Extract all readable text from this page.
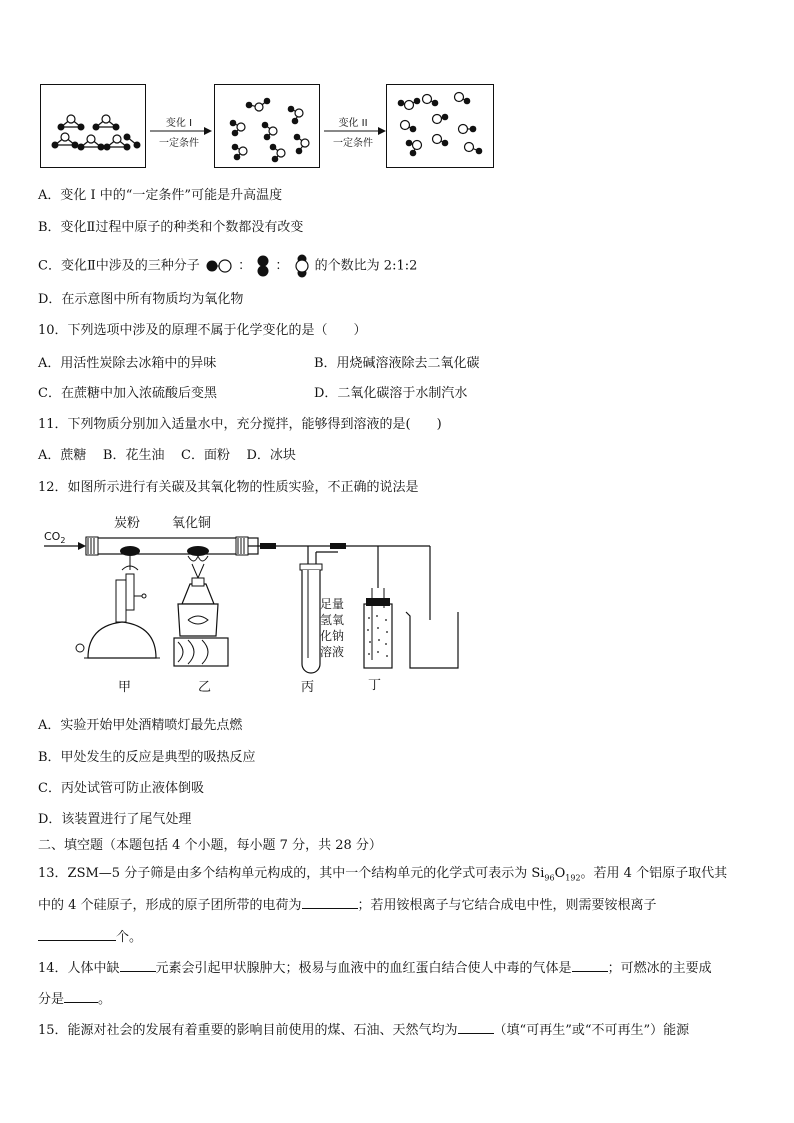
变化 I
一定条件
变化 II
一定条件
A．变化 I 中的“一定条件”可能是升高温度
B．变化Ⅱ过程中原子的种类和个数都没有改变
C．变化Ⅱ中涉及的三种分子	： ： 的个数比为 2:1:2
D．在示意图中所有物质均为氧化物
10．下列选项中涉及的原理不属于化学变化的是（　　）
A．用活性炭除去冰箱中的异味	B．用烧碱溶液除去二氧化碳
C．在蔗糖中加入浓硫酸后变黑	D．二氧化碳溶于水制汽水
11．下列物质分别加入适量水中，充分搅拌，能够得到溶液的是(　　)
A．蔗糖 B．花生油 C．面粉 D．冰块
12．如图所示进行有关碳及其氧化物的性质实验，不正确的说法是
$CO_2$
炭粉 氧化铜
甲	乙	丙	丁
足量
氢氧
化钠
溶液
A．实验开始甲处酒精喷灯最先点燃
B．甲处发生的反应是典型的吸热反应
C．丙处试管可防止液体倒吸
D．该装置进行了尾气处理
二、填空题（本题包括 4 个小题，每小题 7 分，共 28 分）
13．ZSM—5 分子筛是由多个结构单元构成的，其中一个结构单元的化学式可表示为 $Si_{96}O_{192}$。若用 4 个铝原子取代其
中的 4 个硅原子，形成的原子团所带的电荷为	；若用铵根离子与它结合成电中性，则需要铵根离子
个。
14．人体中缺	元素会引起甲状腺肿大；极易与血液中的血红蛋白结合使人中毒的气体是	；可燃冰的主要成
分是	。
15．能源对社会的发展有着重要的影响目前使用的煤、石油、天然气均为	（填“可再生”或“不可再生”）能源
